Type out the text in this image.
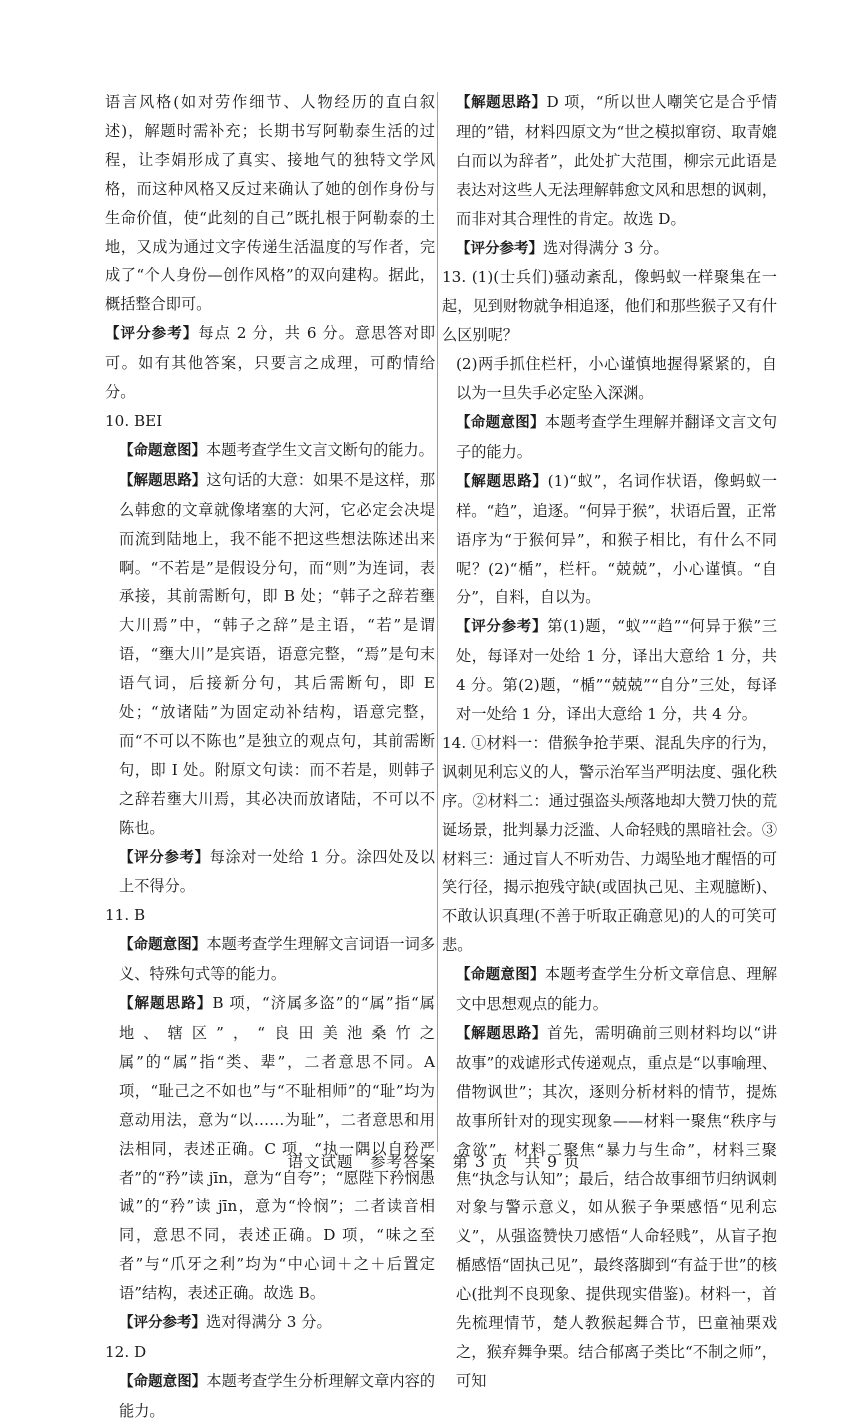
语言风格(如对劳作细节、人物经历的直白叙述)，解题时需补充；长期书写阿勒泰生活的过程，让李娟形成了真实、接地气的独特文学风格，而这种风格又反过来确认了她的创作身份与生命价值，使“此刻的自己”既扎根于阿勒泰的土地，又成为通过文字传递生活温度的写作者，完成了“个人身份—创作风格”的双向建构。据此，概括整合即可。

【评分参考】每点 2 分，共 6 分。意思答对即可。如有其他答案，只要言之成理，可酌情给分。

10. BEI

【命题意图】本题考查学生文言文断句的能力。

【解题思路】这句话的大意：如果不是这样，那么韩愈的文章就像堵塞的大河，它必定会决堤而流到陆地上，我不能不把这些想法陈述出来啊。“不若是”是假设分句，而“则”为连词，表承接，其前需断句，即 B 处；“韩子之辞若壅大川焉”中，“韩子之辞”是主语，“若”是谓语，“壅大川”是宾语，语意完整，“焉”是句末语气词，后接新分句，其后需断句，即 E 处；“放诸陆”为固定动补结构，语意完整，而“不可以不陈也”是独立的观点句，其前需断句，即 I 处。附原文句读：而不若是，则韩子之辞若壅大川焉，其必决而放诸陆，不可以不陈也。

【评分参考】每涂对一处给 1 分。涂四处及以上不得分。

11. B

【命题意图】本题考查学生理解文言词语一词多义、特殊句式等的能力。

【解题思路】B 项，“济属多盗”的“属”指“属地、辖区”，“良田美池桑竹之属”的“属”指“类、辈”，二者意思不同。A 项，“耻己之不如也”与“不耻相师”的“耻”均为意动用法，意为“以……为耻”，二者意思和用法相同，表述正确。C 项，“执一隅以自矜严者”的“矜”读 jīn，意为“自夸”；“愿陛下矜悯愚诚”的“矜”读 jīn，意为“怜悯”；二者读音相同，意思不同，表述正确。D 项，“味之至者”与“爪牙之利”均为“中心词＋之＋后置定语”结构，表述正确。故选 B。

【评分参考】选对得满分 3 分。

12. D

【命题意图】本题考查学生分析理解文章内容的能力。

【解题思路】D 项，“所以世人嘲笑它是合乎情理的”错，材料四原文为“世之模拟窜窃、取青媲白而以为辞者”，此处扩大范围，柳宗元此语是表达对这些人无法理解韩愈文风和思想的讽刺，而非对其合理性的肯定。故选 D。

【评分参考】选对得满分 3 分。

13. (1)(士兵们)骚动紊乱，像蚂蚁一样聚集在一起，见到财物就争相追逐，他们和那些猴子又有什么区别呢？

(2)两手抓住栏杆，小心谨慎地握得紧紧的，自以为一旦失手必定坠入深渊。

【命题意图】本题考查学生理解并翻译文言文句子的能力。

【解题思路】(1)“蚁”，名词作状语，像蚂蚁一样。“趋”，追逐。“何异于猴”，状语后置，正常语序为“于猴何异”，和猴子相比，有什么不同呢？(2)“楯”，栏杆。“兢兢”，小心谨慎。“自分”，自料，自以为。

【评分参考】第(1)题，“蚁”“趋”“何异于猴”三处，每译对一处给 1 分，译出大意给 1 分，共 4 分。第(2)题，“楯”“兢兢”“自分”三处，每译对一处给 1 分，译出大意给 1 分，共 4 分。

14. ①材料一：借猴争抢芋栗、混乱失序的行为，讽刺见利忘义的人，警示治军当严明法度、强化秩序。②材料二：通过强盗头颅落地却大赞刀快的荒诞场景，批判暴力泛滥、人命轻贱的黑暗社会。③材料三：通过盲人不听劝告、力竭坠地才醒悟的可笑行径，揭示抱残守缺(或固执己见、主观臆断)、不敢认识真理(不善于听取正确意见)的人的可笑可悲。

【命题意图】本题考查学生分析文章信息、理解文中思想观点的能力。

【解题思路】首先，需明确前三则材料均以“讲故事”的戏谑形式传递观点，重点是“以事喻理、借物讽世”；其次，逐则分析材料的情节，提炼故事所针对的现实现象——材料一聚焦“秩序与贪欲”，材料二聚焦“暴力与生命”，材料三聚焦“执念与认知”；最后，结合故事细节归纳讽刺对象与警示意义，如从猴子争栗感悟“见利忘义”，从强盗赞快刀感悟“人命轻贱”，从盲子抱楯感悟“固执己见”，最终落脚到“有益于世”的核心(批判不良现象、提供现实借鉴)。材料一，首先梳理情节，楚人教猴起舞合节，巴童袖栗戏之，猴弃舞争栗。结合郁离子类比“不制之师”，可知

语文试题　参考答案　第 3 页　共 9 页
